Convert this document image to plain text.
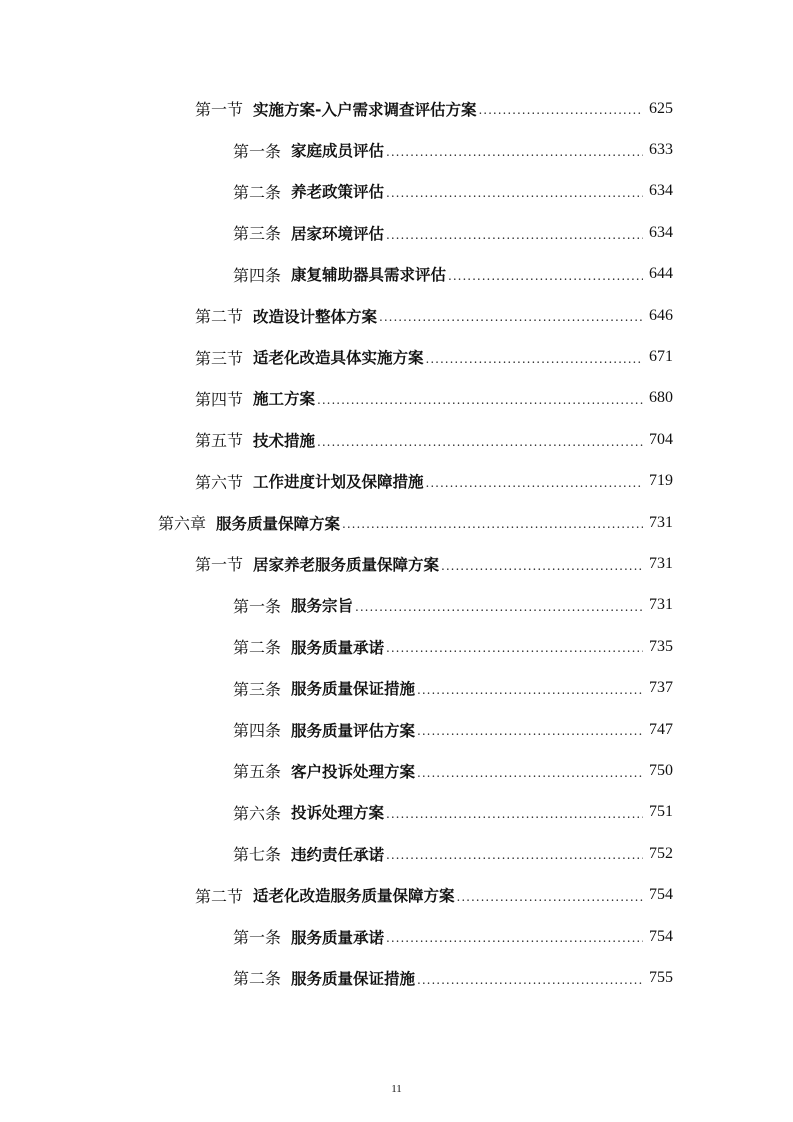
第一节 实施方案-入户需求调查评估方案 .....	625
第一条 家庭成员评估 .....	633
第二条 养老政策评估 .....	634
第三条 居家环境评估 .....	634
第四条 康复辅助器具需求评估 .....	644
第二节 改造设计整体方案 .....	646
第三节 适老化改造具体实施方案 .....	671
第四节 施工方案 .....	680
第五节 技术措施 .....	704
第六节 工作进度计划及保障措施 .....	719
第六章 服务质量保障方案 .....	731
第一节 居家养老服务质量保障方案 .....	731
第一条 服务宗旨 .....	731
第二条 服务质量承诺 .....	735
第三条 服务质量保证措施 .....	737
第四条 服务质量评估方案 .....	747
第五条 客户投诉处理方案 .....	750
第六条 投诉处理方案 .....	751
第七条 违约责任承诺 .....	752
第二节 适老化改造服务质量保障方案 .....	754
第一条 服务质量承诺 .....	754
第二条 服务质量保证措施 .....	755
11
